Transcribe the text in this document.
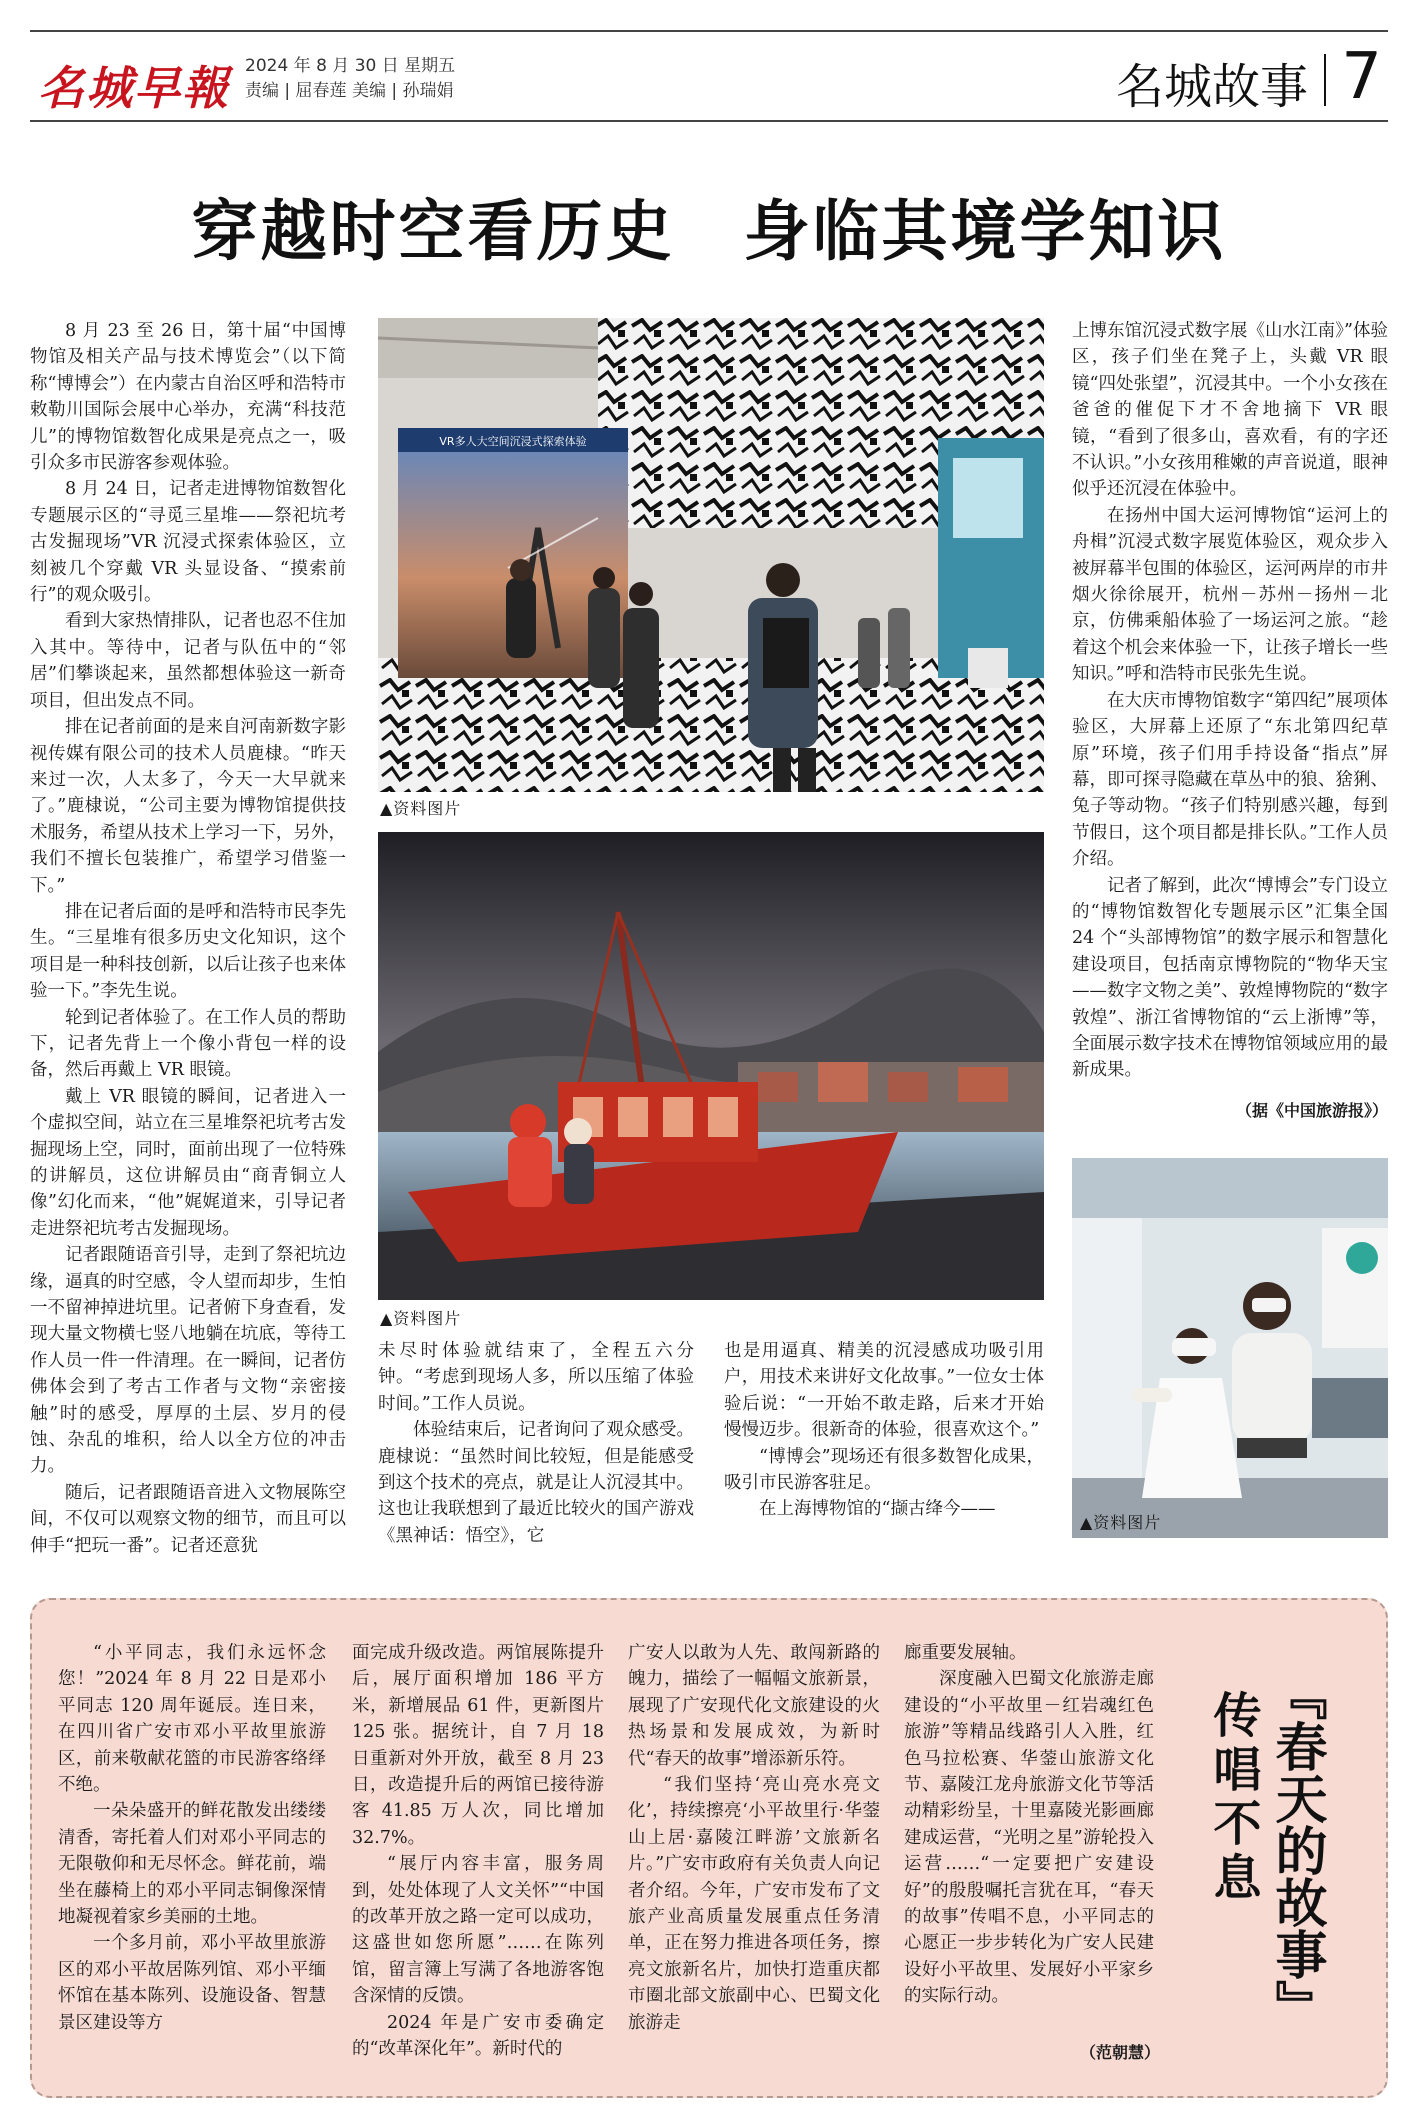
名城早報 2024 年 8 月 30 日 星期五
责编 | 屈春莲 美编 | 孙瑞娟	名城故事 7
穿越时空看历史　身临其境学知识

8 月 23 至 26 日，第十届“中国博物馆及相关产品与技术博览会”（以下简称“博博会”）在内蒙古自治区呼和浩特市敕勒川国际会展中心举办，充满“科技范儿”的博物馆数智化成果是亮点之一，吸引众多市民游客参观体验。

8 月 24 日，记者走进博物馆数智化专题展示区的“寻觅三星堆——祭祀坑考古发掘现场”VR 沉浸式探索体验区，立刻被几个穿戴 VR 头显设备、“摸索前行”的观众吸引。

看到大家热情排队，记者也忍不住加入其中。等待中，记者与队伍中的“邻居”们攀谈起来，虽然都想体验这一新奇项目，但出发点不同。

排在记者前面的是来自河南新数字影视传媒有限公司的技术人员鹿棣。“昨天来过一次，人太多了，今天一大早就来了。”鹿棣说，“公司主要为博物馆提供技术服务，希望从技术上学习一下，另外，我们不擅长包装推广，希望学习借鉴一下。”

排在记者后面的是呼和浩特市民李先生。“三星堆有很多历史文化知识，这个项目是一种科技创新，以后让孩子也来体验一下。”李先生说。

轮到记者体验了。在工作人员的帮助下，记者先背上一个像小背包一样的设备，然后再戴上 VR 眼镜。

戴上 VR 眼镜的瞬间，记者进入一个虚拟空间，站立在三星堆祭祀坑考古发掘现场上空，同时，面前出现了一位特殊的讲解员，这位讲解员由“商青铜立人像”幻化而来，“他”娓娓道来，引导记者走进祭祀坑考古发掘现场。

记者跟随语音引导，走到了祭祀坑边缘，逼真的时空感，令人望而却步，生怕一不留神掉进坑里。记者俯下身查看，发现大量文物横七竖八地躺在坑底，等待工作人员一件一件清理。在一瞬间，记者仿佛体会到了考古工作者与文物“亲密接触”时的感受，厚厚的土层、岁月的侵蚀、杂乱的堆积，给人以全方位的冲击力。

随后，记者跟随语音进入文物展陈空间，不仅可以观察文物的细节，而且可以伸手“把玩一番”。记者还意犹

未尽时体验就结束了，全程五六分钟。“考虑到现场人多，所以压缩了体验时间。”工作人员说。

体验结束后，记者询问了观众感受。鹿棣说：“虽然时间比较短，但是能感受到这个技术的亮点，就是让人沉浸其中。这也让我联想到了最近比较火的国产游戏《黑神话：悟空》，它

也是用逼真、精美的沉浸感成功吸引用户，用技术来讲好文化故事。”一位女士体验后说：“一开始不敢走路，后来才开始慢慢迈步。很新奇的体验，很喜欢这个。”

“博博会”现场还有很多数智化成果，吸引市民游客驻足。

在上海博物馆的“撷古绛今——

上博东馆沉浸式数字展《山水江南》”体验区，孩子们坐在凳子上，头戴 VR 眼镜“四处张望”，沉浸其中。一个小女孩在爸爸的催促下才不舍地摘下 VR 眼镜，“看到了很多山，喜欢看，有的字还不认识。”小女孩用稚嫩的声音说道，眼神似乎还沉浸在体验中。

在扬州中国大运河博物馆“运河上的舟楫”沉浸式数字展览体验区，观众步入被屏幕半包围的体验区，运河两岸的市井烟火徐徐展开，杭州－苏州－扬州－北京，仿佛乘船体验了一场运河之旅。“趁着这个机会来体验一下，让孩子增长一些知识。”呼和浩特市民张先生说。

在大庆市博物馆数字“第四纪”展项体验区，大屏幕上还原了“东北第四纪草原”环境，孩子们用手持设备“指点”屏幕，即可探寻隐藏在草丛中的狼、猞猁、兔子等动物。“孩子们特别感兴趣，每到节假日，这个项目都是排长队。”工作人员介绍。

记者了解到，此次“博博会”专门设立的“博物馆数智化专题展示区”汇集全国 24 个“头部博物馆”的数字展示和智慧化建设项目，包括南京博物院的“物华天宝——数字文物之美”、敦煌博物院的“数字敦煌”、浙江省博物馆的“云上浙博”等，全面展示数字技术在博物馆领域应用的最新成果。

（据《中国旅游报》）
VR多人大空间沉浸式探索体验
▲资料图片
▲资料图片
▲资料图片

“小平同志，我们永远怀念您！”2024 年 8 月 22 日是邓小平同志 120 周年诞辰。连日来，在四川省广安市邓小平故里旅游区，前来敬献花篮的市民游客络绎不绝。

一朵朵盛开的鲜花散发出缕缕清香，寄托着人们对邓小平同志的无限敬仰和无尽怀念。鲜花前，端坐在藤椅上的邓小平同志铜像深情地凝视着家乡美丽的土地。

一个多月前，邓小平故里旅游区的邓小平故居陈列馆、邓小平缅怀馆在基本陈列、设施设备、智慧景区建设等方

面完成升级改造。两馆展陈提升后，展厅面积增加 186 平方米，新增展品 61 件，更新图片 125 张。据统计，自 7 月 18 日重新对外开放，截至 8 月 23 日，改造提升后的两馆已接待游客 41.85 万人次，同比增加 32.7%。

“展厅内容丰富，服务周到，处处体现了人文关怀”“中国的改革开放之路一定可以成功，这盛世如您所愿”……在陈列馆，留言簿上写满了各地游客饱含深情的反馈。

2024 年是广安市委确定的“改革深化年”。新时代的

广安人以敢为人先、敢闯新路的魄力，描绘了一幅幅文旅新景，展现了广安现代化文旅建设的火热场景和发展成效，为新时代“春天的故事”增添新乐符。

“我们坚持‘亮山亮水亮文化’，持续擦亮‘小平故里行·华蓥山上居·嘉陵江畔游’文旅新名片。”广安市政府有关负责人向记者介绍。今年，广安市发布了文旅产业高质量发展重点任务清单，正在努力推进各项任务，擦亮文旅新名片，加快打造重庆都市圈北部文旅副中心、巴蜀文化旅游走

廊重要发展轴。

深度融入巴蜀文化旅游走廊建设的“小平故里－红岩魂红色旅游”等精品线路引人入胜，红色马拉松赛、华蓥山旅游文化节、嘉陵江龙舟旅游文化节等活动精彩纷呈，十里嘉陵光影画廊建成运营，“光明之星”游轮投入运营……“一定要把广安建设好”的殷殷嘱托言犹在耳，“春天的故事”传唱不息，小平同志的心愿正一步步转化为广安人民建设好小平故里、发展好小平家乡的实际行动。

（范朝慧）
『春天的故事』
传唱不息
